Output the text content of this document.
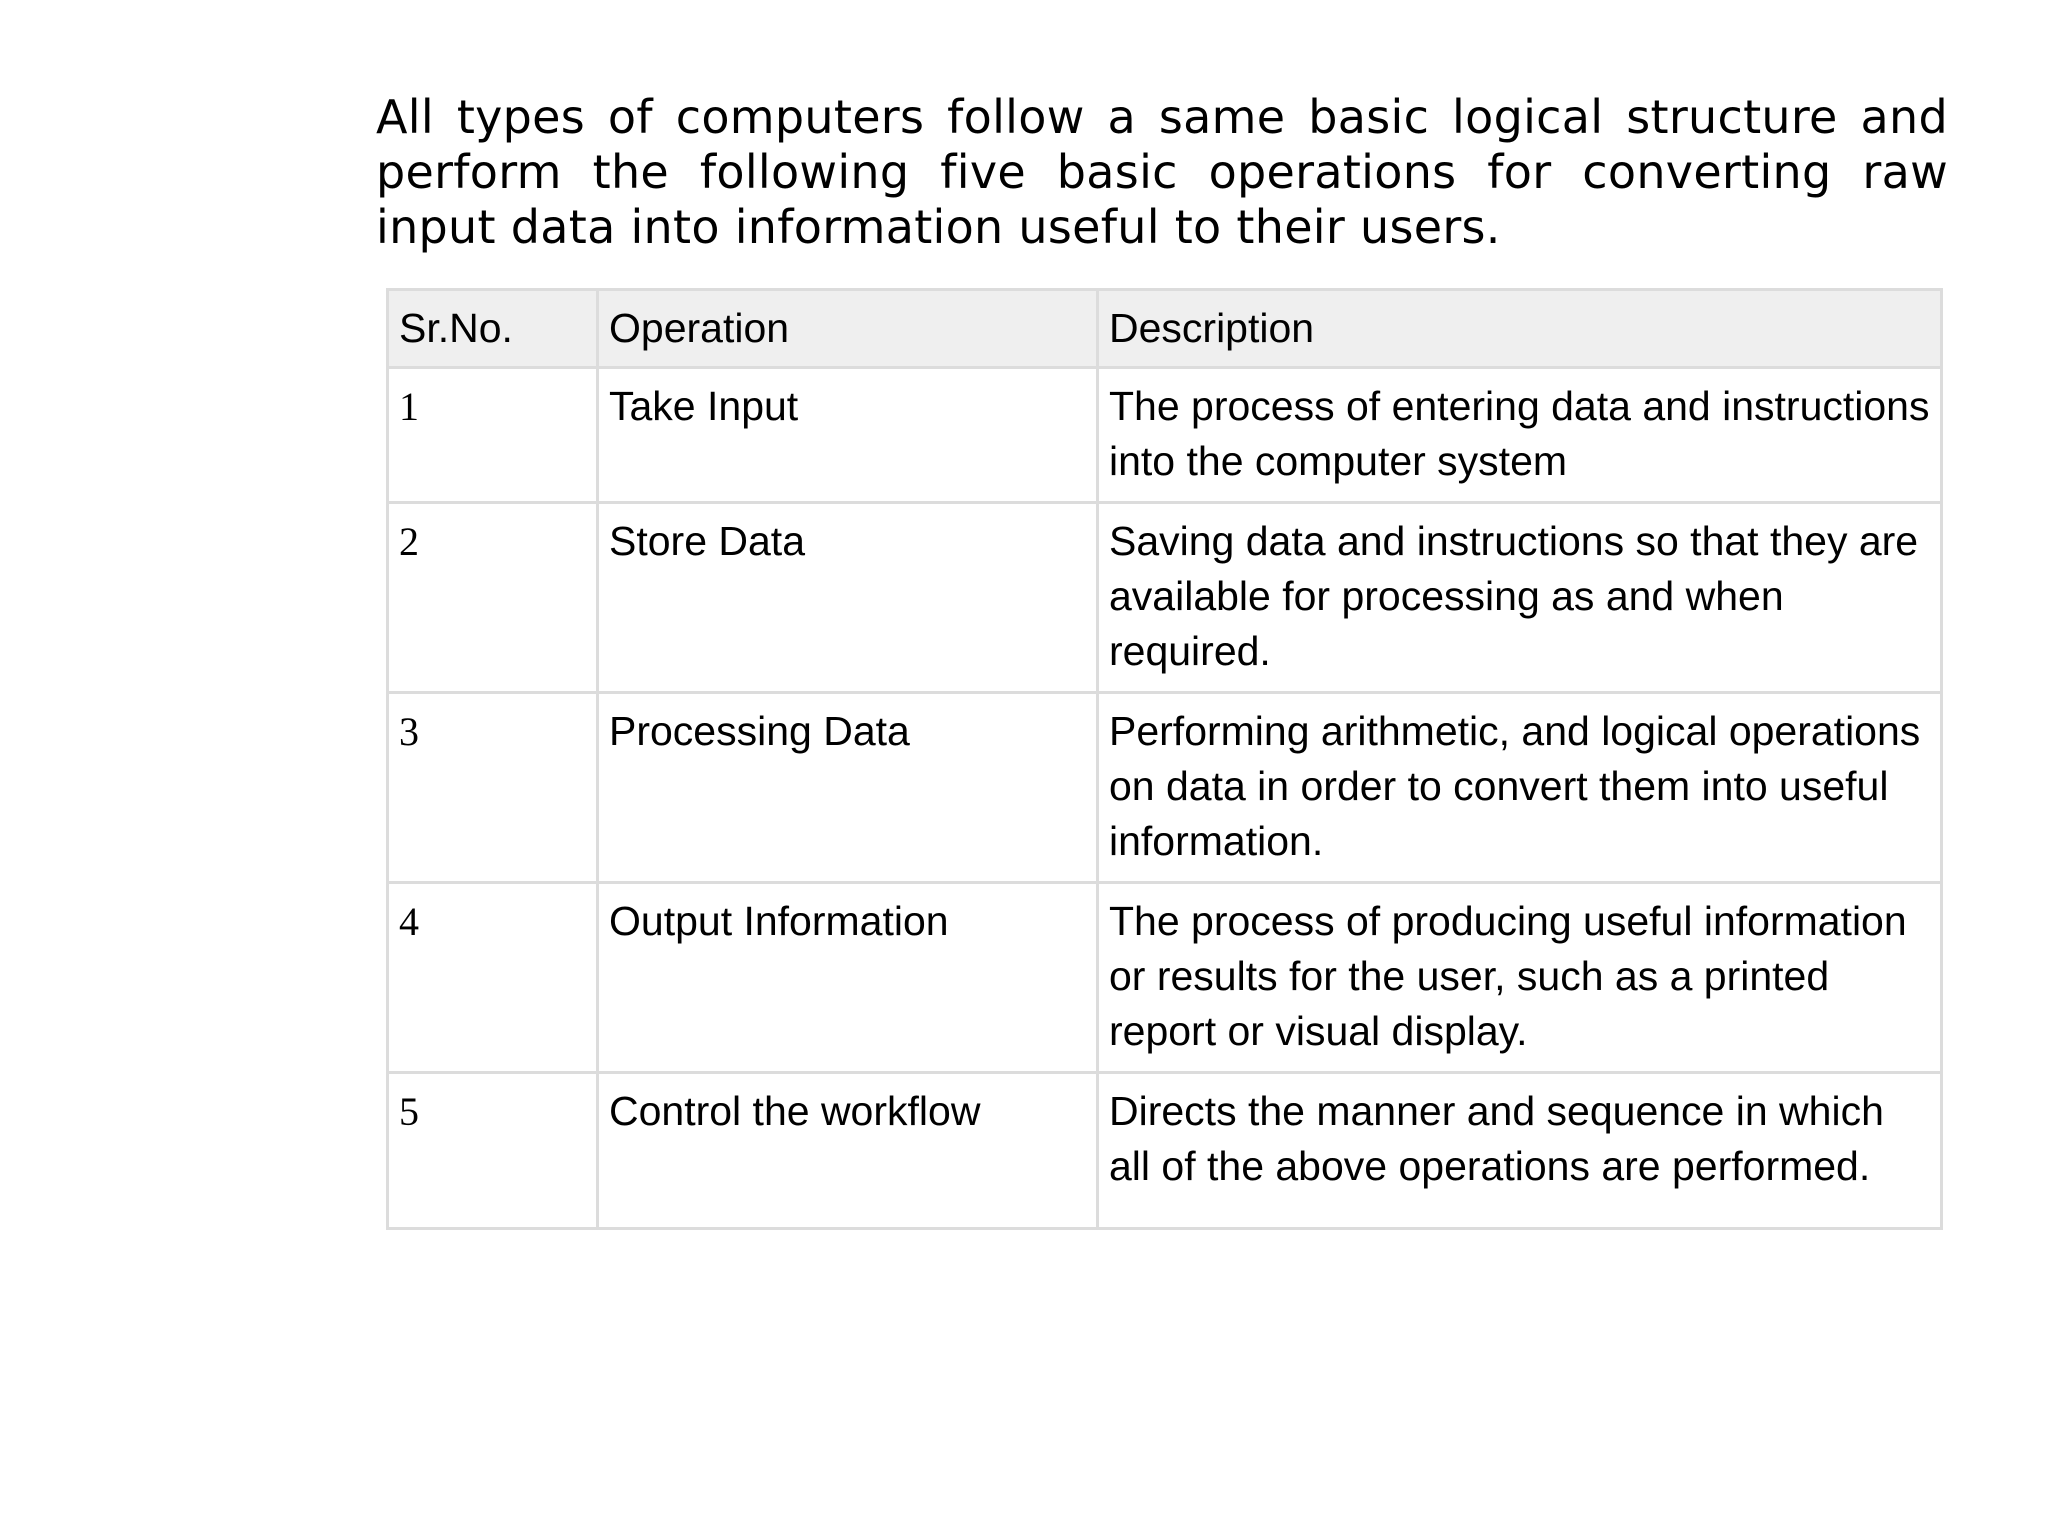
All types of computers follow a same basic logical structure and perform the following five basic operations for converting raw input data into information useful to their users.

Sr.No.	Operation	Description
1	Take Input	The process of entering data and instructions into the computer system
2	Store Data	Saving data and instructions so that they are available for processing as and when required.
3	Processing Data	Performing arithmetic, and logical operations on data in order to convert them into useful information.
4	Output Information	The process of producing useful information or results for the user, such as a printed report or visual display.
5	Control the workflow	Directs the manner and sequence in which all of the above operations are performed.
